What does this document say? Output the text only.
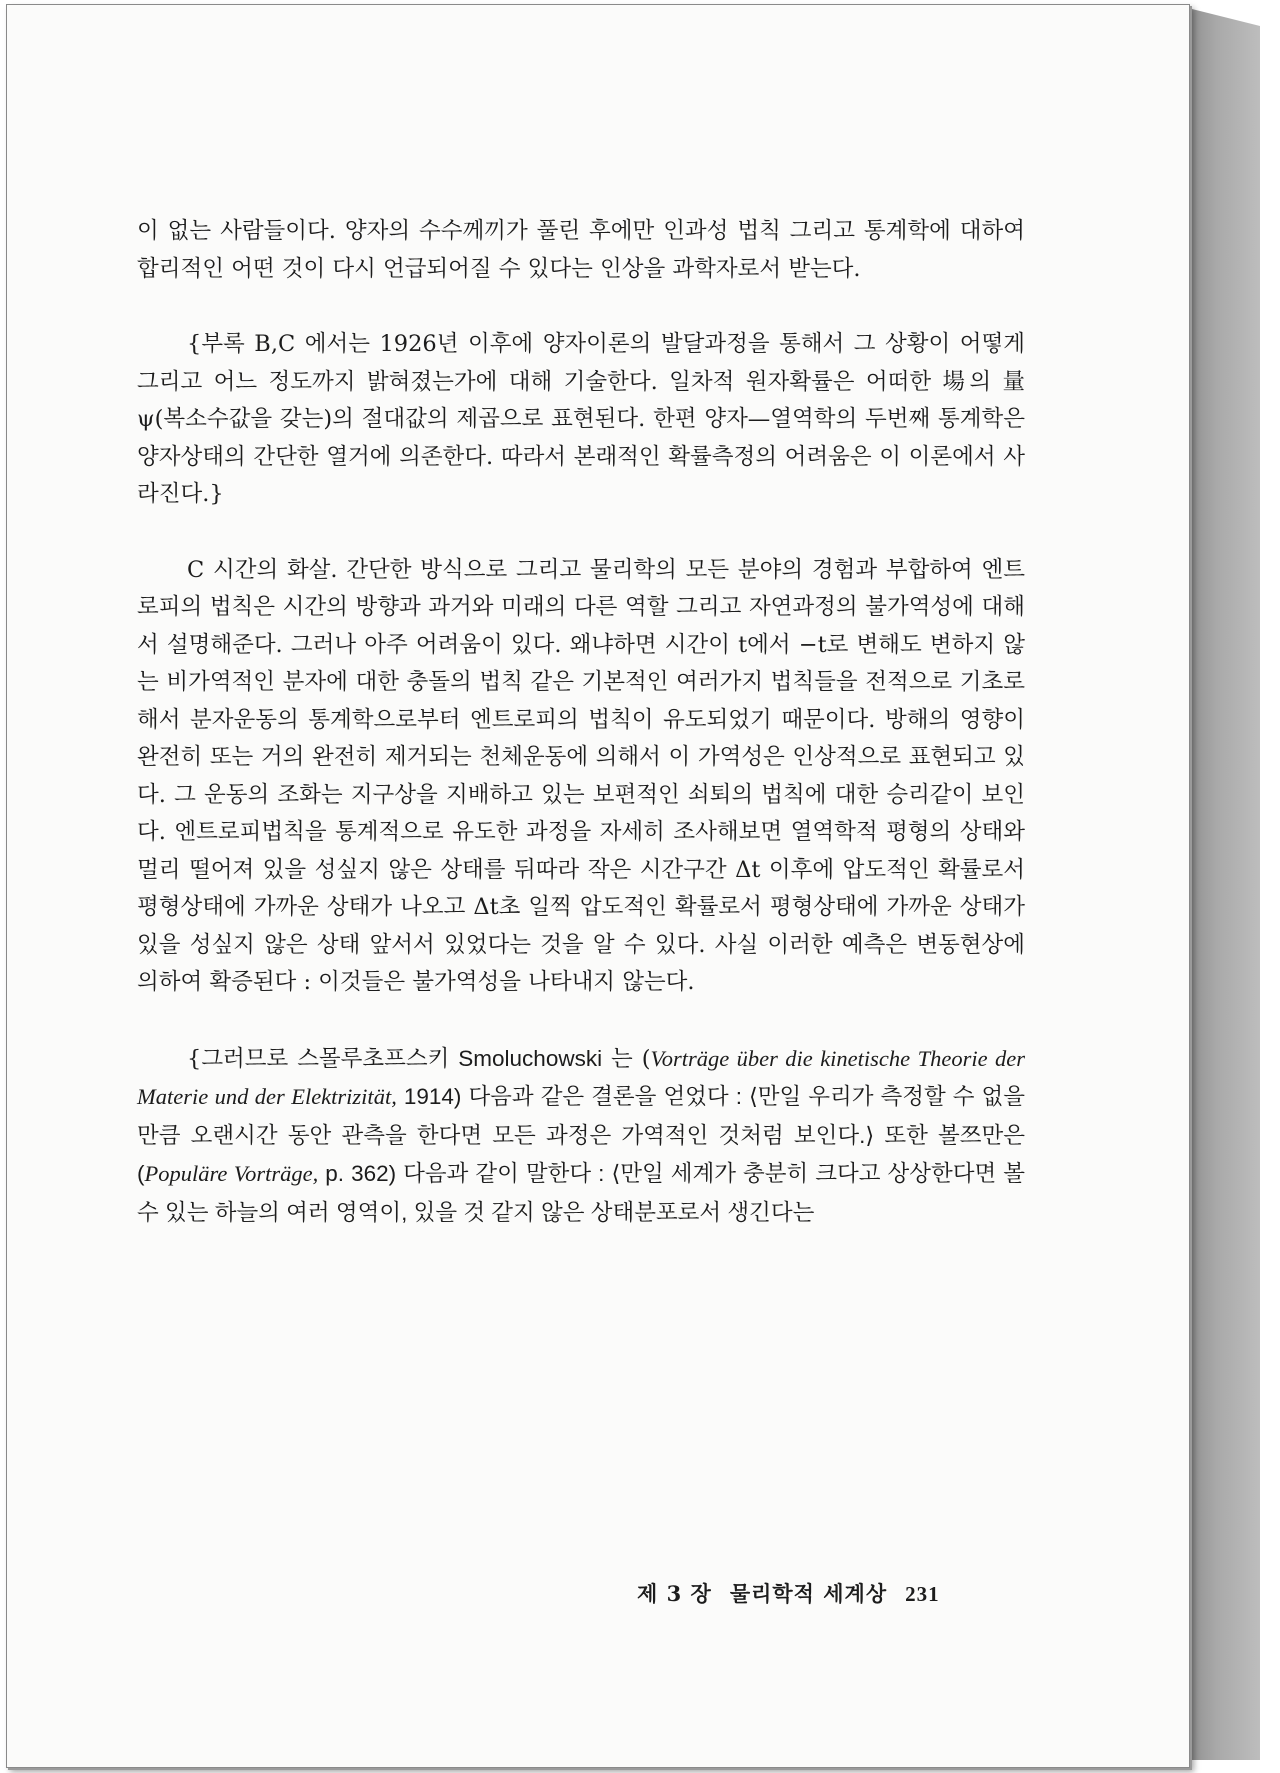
이 없는 사람들이다. 양자의 수수께끼가 풀린 후에만 인과성 법칙 그리고 통계학에 대하여 합리적인 어떤 것이 다시 언급되어질 수 있다는 인상을 과학자로서 받는다.

{부록 B,C 에서는 1926년 이후에 양자이론의 발달과정을 통해서 그 상황이 어떻게 그리고 어느 정도까지 밝혀졌는가에 대해 기술한다. 일차적 원자확률은 어떠한 場의 量ψ(복소수값을 갖는)의 절대값의 제곱으로 표현된다. 한편 양자—열역학의 두번째 통계학은 양자상태의 간단한 열거에 의존한다. 따라서 본래적인 확률측정의 어려움은 이 이론에서 사라진다.}

C 시간의 화살. 간단한 방식으로 그리고 물리학의 모든 분야의 경험과 부합하여 엔트로피의 법칙은 시간의 방향과 과거와 미래의 다른 역할 그리고 자연과정의 불가역성에 대해서 설명해준다. 그러나 아주 어려움이 있다. 왜냐하면 시간이 t에서 −t로 변해도 변하지 않는 비가역적인 분자에 대한 충돌의 법칙 같은 기본적인 여러가지 법칙들을 전적으로 기초로 해서 분자운동의 통계학으로부터 엔트로피의 법칙이 유도되었기 때문이다. 방해의 영향이 완전히 또는 거의 완전히 제거되는 천체운동에 의해서 이 가역성은 인상적으로 표현되고 있다. 그 운동의 조화는 지구상을 지배하고 있는 보편적인 쇠퇴의 법칙에 대한 승리같이 보인다. 엔트로피법칙을 통계적으로 유도한 과정을 자세히 조사해보면 열역학적 평형의 상태와 멀리 떨어져 있을 성싶지 않은 상태를 뒤따라 작은 시간구간 Δt 이후에 압도적인 확률로서 평형상태에 가까운 상태가 나오고 Δt초 일찍 압도적인 확률로서 평형상태에 가까운 상태가 있을 성싶지 않은 상태 앞서서 있었다는 것을 알 수 있다. 사실 이러한 예측은 변동현상에 의하여 확증된다 : 이것들은 불가역성을 나타내지 않는다.

{그러므로 스몰루초프스키 Smoluchowski 는 (Vorträge über die kinetische Theorie der Materie und der Elektrizität, 1914) 다음과 같은 결론을 얻었다 : ⟨만일 우리가 측정할 수 없을 만큼 오랜시간 동안 관측을 한다면 모든 과정은 가역적인 것처럼 보인다.⟩ 또한 볼쯔만은 (Populäre Vorträge, p. 362) 다음과 같이 말한다 : ⟨만일 세계가 충분히 크다고 상상한다면 볼 수 있는 하늘의 여러 영역이, 있을 것 같지 않은 상태분포로서 생긴다는

제 3 장 물리학적 세계상 231
